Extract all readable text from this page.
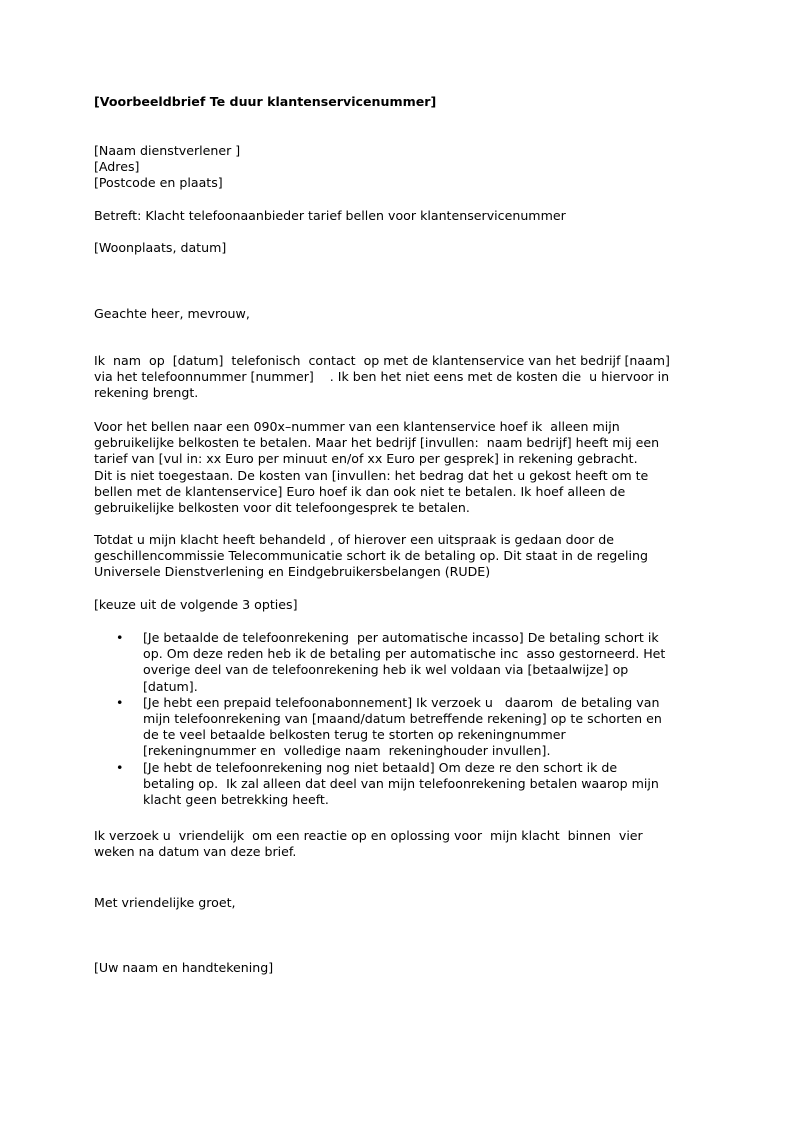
[Voorbeeldbrief Te duur klantenservicenummer]
[Naam dienstverlener ]
[Adres]
[Postcode en plaats]
Betreft: Klacht telefoonaanbieder tarief bellen voor klantenservicenummer
[Woonplaats, datum]
Geachte heer, mevrouw,
Ik  nam  op  [datum]  telefonisch  contact  op met de klantenservice van het bedrijf [naam]
via het telefoonnummer [nummer]    . Ik ben het niet eens met de kosten die  u hiervoor in
rekening brengt.
Voor het bellen naar een 090x–nummer van een klantenservice hoef ik  alleen mijn
gebruikelijke belkosten te betalen. Maar het bedrijf [invullen:  naam bedrijf] heeft mij een
tarief van [vul in: xx Euro per minuut en/of xx Euro per gesprek] in rekening gebracht.
Dit is niet toegestaan. De kosten van [invullen: het bedrag dat het u gekost heeft om te
bellen met de klantenservice] Euro hoef ik dan ook niet te betalen. Ik hoef alleen de
gebruikelijke belkosten voor dit telefoongesprek te betalen.
Totdat u mijn klacht heeft behandeld , of hierover een uitspraak is gedaan door de
geschillencommissie Telecommunicatie schort ik de betaling op. Dit staat in de regeling
Universele Dienstverlening en Eindgebruikersbelangen (RUDE)
[keuze uit de volgende 3 opties]
• [Je betaalde de telefoonrekening  per automatische incasso] De betaling schort ik
op. Om deze reden heb ik de betaling per automatische inc  asso gestorneerd. Het
overige deel van de telefoonrekening heb ik wel voldaan via [betaalwijze] op
[datum].
• [Je hebt een prepaid telefoonabonnement] Ik verzoek u   daarom  de betaling van
mijn telefoonrekening van [maand/datum betreffende rekening] op te schorten en
de te veel betaalde belkosten terug te storten op rekeningnummer
[rekeningnummer en  volledige naam  rekeninghouder invullen].
• [Je hebt de telefoonrekening nog niet betaald] Om deze re den schort ik de
betaling op.  Ik zal alleen dat deel van mijn telefoonrekening betalen waarop mijn
klacht geen betrekking heeft.
Ik verzoek u  vriendelijk  om een reactie op en oplossing voor  mijn klacht  binnen  vier
weken na datum van deze brief.
Met vriendelijke groet,
[Uw naam en handtekening]
